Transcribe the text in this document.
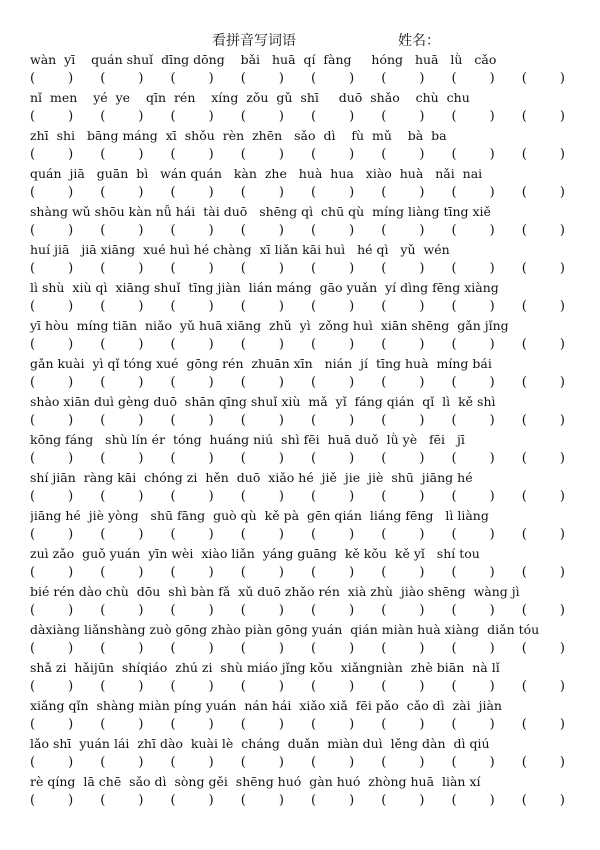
看拼音写词语	姓名：
wàn  yī    quán shuǐ  dīng dōng    bǎi   huā  qí  fàng     hóng   huā   lǜ   cǎo
(        ) (        ) (        ) (        ) (        ) (        ) (        ) (        )
nǐ  men    yé  ye    qīn  rén    xíng  zǒu  gǔ  shī     duō  shǎo    chù  chu
(        ) (        ) (        ) (        ) (        ) (        ) (        ) (        )
zhī  shi   bāng máng  xī  shǒu  rèn  zhēn   sǎo  dì    fù  mǔ    bà  ba
(        ) (        ) (        ) (        ) (        ) (        ) (        ) (        )
quán  jiā   guān  bì   wán quán   kàn  zhe   huà  hua   xiào  huà   nǎi  nai
(        ) (        ) (        ) (        ) (        ) (        ) (        ) (        )
shàng wǔ shōu kàn nǚ hái  tài duō   shēng qì  chū qù  míng liàng tīng xiě
(        ) (        ) (        ) (        ) (        ) (        ) (        ) (        )
huí jiā   jiā xiāng  xué huì hé chàng  xī liǎn kāi huì   hé qì   yǔ  wén
(        ) (        ) (        ) (        ) (        ) (        ) (        ) (        )
lì shù  xiù qì  xiāng shuǐ  tīng jiàn  lián máng  gāo yuǎn  yí dìng fēng xiàng
(        ) (        ) (        ) (        ) (        ) (        ) (        ) (        )
yī hòu  míng tiān  niǎo  yǔ huā xiāng  zhǔ  yì  zǒng huì  xiān shēng  gǎn jǐng
(        ) (        ) (        ) (        ) (        ) (        ) (        ) (        )
gǎn kuài  yì qǐ tóng xué  gōng rén  zhuān xīn   nián  jí  tīng huà  míng bái
(        ) (        ) (        ) (        ) (        ) (        ) (        ) (        )
shào xiān duì gèng duō  shān qīng shuǐ xiù  mǎ  yǐ  fáng qián  qǐ  lì  kě shì
(        ) (        ) (        ) (        ) (        ) (        ) (        ) (        )
kōng fáng   shù lín ér  tóng  huáng niú  shì fēi  huā duǒ  lǜ yè   fēi   jī
(        ) (        ) (        ) (        ) (        ) (        ) (        ) (        )
shí jiān  ràng kāi  chóng zi  hěn  duō  xiǎo hé  jiě  jie  jiè  shū  jiāng hé
(        ) (        ) (        ) (        ) (        ) (        ) (        ) (        )
jiāng hé  jiè yòng   shū fāng  guò qù  kě pà  gēn qián  liáng fēng   lì liàng
(        ) (        ) (        ) (        ) (        ) (        ) (        ) (        )
zuì zǎo  guǒ yuán  yīn wèi  xiào liǎn  yáng guāng  kě kǒu  kě yǐ   shí tou
(        ) (        ) (        ) (        ) (        ) (        ) (        ) (        )
bié rén dào chù  dōu  shì bàn fǎ  xǔ duō zhǎo rén  xià zhù  jiào shēng  wàng jì
(        ) (        ) (        ) (        ) (        ) (        ) (        ) (        )
dàxiàng liǎnshàng zuò gōng zhào piàn gōng yuán  qián miàn huà xiàng  diǎn tóu
(        ) (        ) (        ) (        ) (        ) (        ) (        ) (        )
shǎ zi  hǎijūn  shíqiáo  zhú zi  shù miáo jǐng kǒu  xiǎngniàn  zhè biān  nà lǐ
(        ) (        ) (        ) (        ) (        ) (        ) (        ) (        )
xiǎng qǐn  shàng miàn píng yuán  nán hái  xiǎo xiǎ  fēi pǎo  cǎo dì  zài  jiàn
(        ) (        ) (        ) (        ) (        ) (        ) (        ) (        )
lǎo shī  yuán lái  zhī dào  kuài lè  cháng  duǎn  miàn duì  lěng dàn  dì qiú
(        ) (        ) (        ) (        ) (        ) (        ) (        ) (        )
rè qíng  lā chē  sǎo dì  sòng gěi  shēng huó  gàn huó  zhòng huā  liàn xí
(        ) (        ) (        ) (        ) (        ) (        ) (        ) (        )
